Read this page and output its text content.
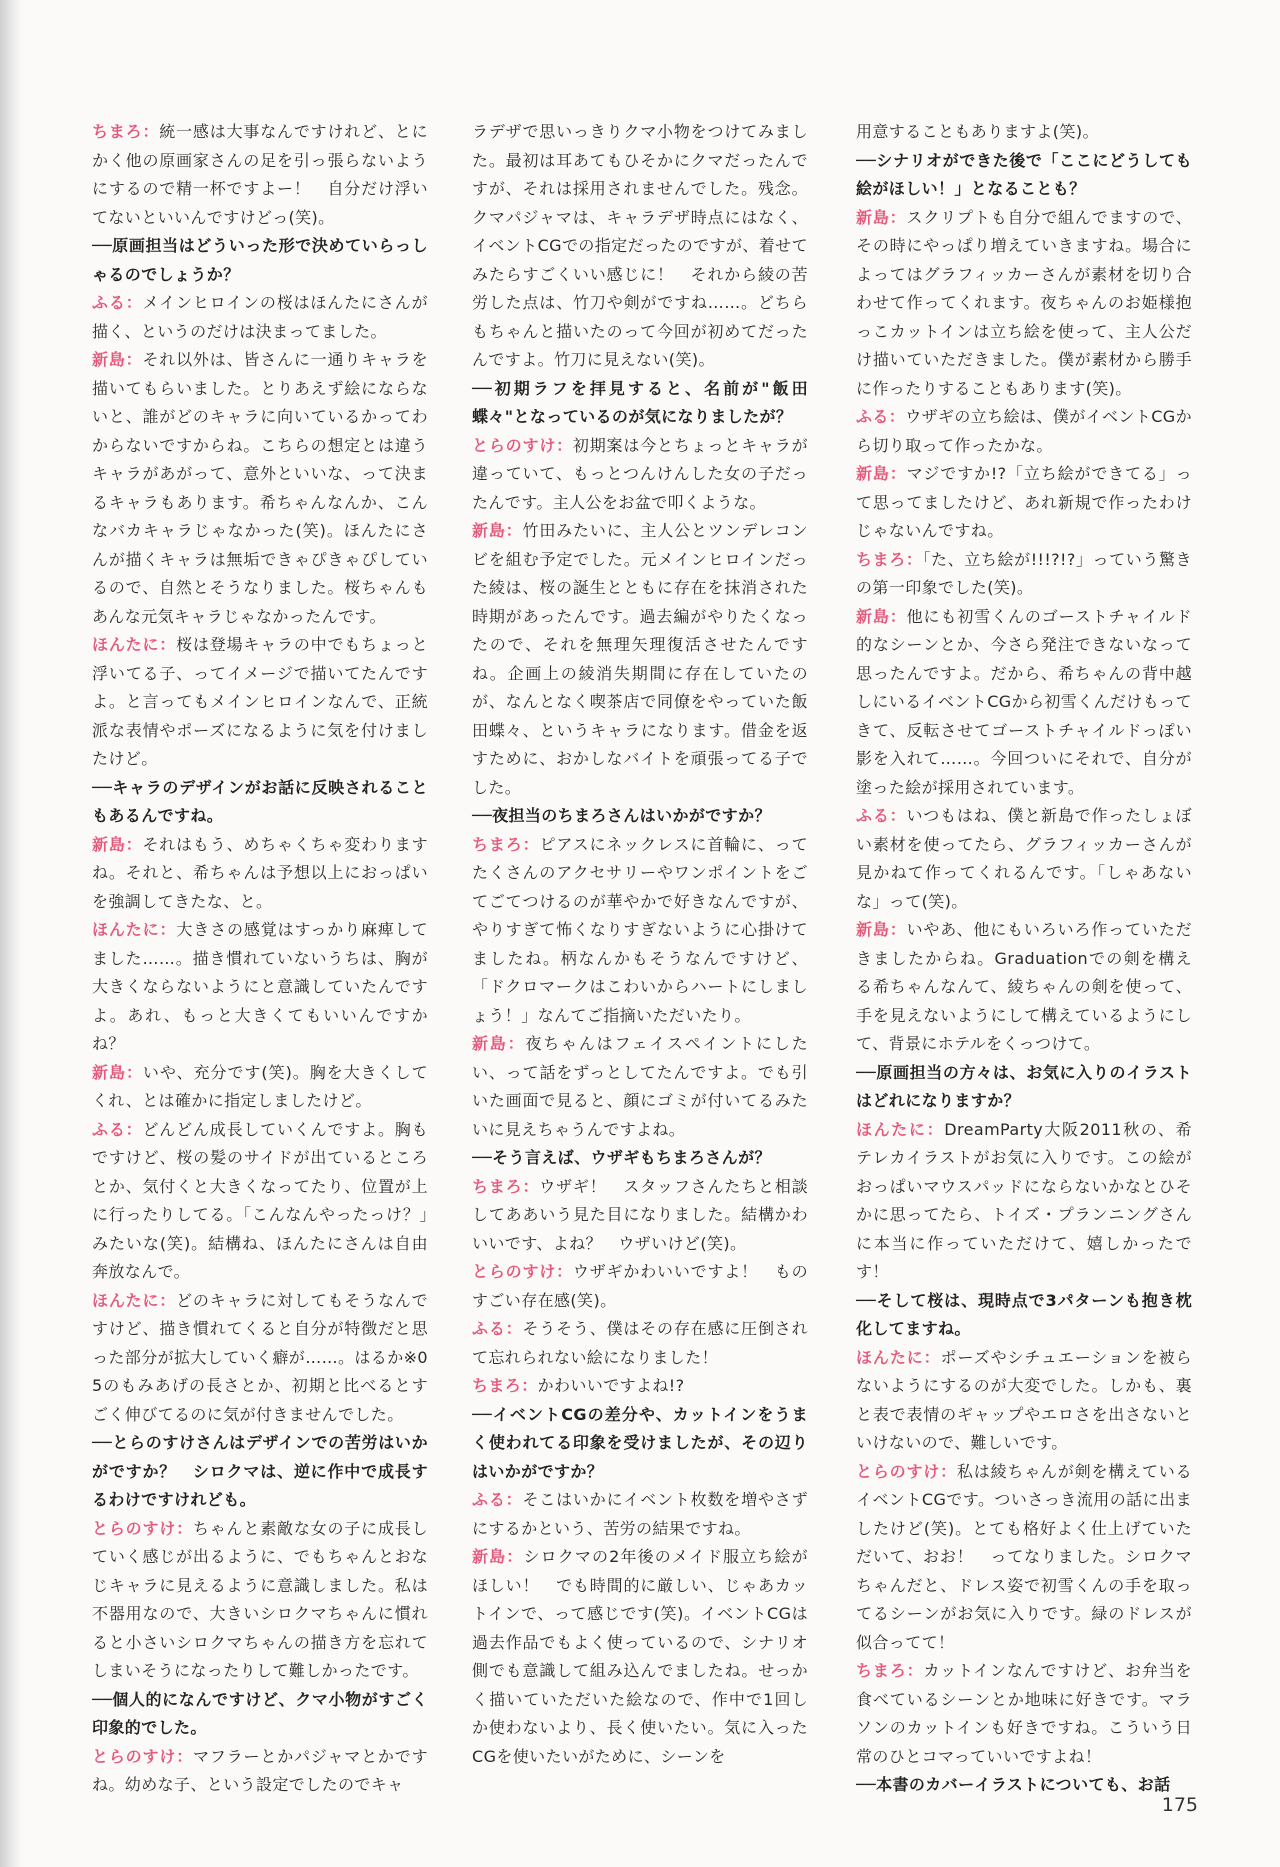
ちまろ：統一感は大事なんですけれど、とにかく他の原画家さんの足を引っ張らないようにするので精一杯ですよー！　自分だけ浮いてないといいんですけどっ(笑)。

──原画担当はどういった形で決めていらっしゃるのでしょうか？

ふる：メインヒロインの桜はほんたにさんが描く、というのだけは決まってました。

新島：それ以外は、皆さんに一通りキャラを描いてもらいました。とりあえず絵にならないと、誰がどのキャラに向いているかってわからないですからね。こちらの想定とは違うキャラがあがって、意外といいな、って決まるキャラもあります。希ちゃんなんか、こんなバカキャラじゃなかった(笑)。ほんたにさんが描くキャラは無垢できゃぴきゃぴしているので、自然とそうなりました。桜ちゃんもあんな元気キャラじゃなかったんです。

ほんたに：桜は登場キャラの中でもちょっと浮いてる子、ってイメージで描いてたんですよ。と言ってもメインヒロインなんで、正統派な表情やポーズになるように気を付けましたけど。

──キャラのデザインがお話に反映されることもあるんですね。

新島：それはもう、めちゃくちゃ変わりますね。それと、希ちゃんは予想以上におっぱいを強調してきたな、と。

ほんたに：大きさの感覚はすっかり麻痺してました……。描き慣れていないうちは、胸が大きくならないようにと意識していたんですよ。あれ、もっと大きくてもいいんですかね？

新島：いや、充分です(笑)。胸を大きくしてくれ、とは確かに指定しましたけど。

ふる：どんどん成長していくんですよ。胸もですけど、桜の髪のサイドが出ているところとか、気付くと大きくなってたり、位置が上に行ったりしてる。「こんなんやったっけ？」みたいな(笑)。結構ね、ほんたにさんは自由奔放なんで。

ほんたに：どのキャラに対してもそうなんですけど、描き慣れてくると自分が特徴だと思った部分が拡大していく癖が……。はるか※05のもみあげの長さとか、初期と比べるとすごく伸びてるのに気が付きませんでした。

──とらのすけさんはデザインでの苦労はいかがですか？　シロクマは、逆に作中で成長するわけですけれども。

とらのすけ：ちゃんと素敵な女の子に成長していく感じが出るように、でもちゃんとおなじキャラに見えるように意識しました。私は不器用なので、大きいシロクマちゃんに慣れると小さいシロクマちゃんの描き方を忘れてしまいそうになったりして難しかったです。

──個人的になんですけど、クマ小物がすごく印象的でした。

とらのすけ：マフラーとかパジャマとかですね。幼めな子、という設定でしたのでキャ

ラデザで思いっきりクマ小物をつけてみました。最初は耳あてもひそかにクマだったんですが、それは採用されませんでした。残念。クマパジャマは、キャラデザ時点にはなく、イベントCGでの指定だったのですが、着せてみたらすごくいい感じに！　それから綾の苦労した点は、竹刀や剣がですね……。どちらもちゃんと描いたのって今回が初めてだったんですよ。竹刀に見えない(笑)。

──初期ラフを拝見すると、名前が"飯田蝶々"となっているのが気になりましたが？

とらのすけ：初期案は今とちょっとキャラが違っていて、もっとつんけんした女の子だったんです。主人公をお盆で叩くような。

新島：竹田みたいに、主人公とツンデレコンビを組む予定でした。元メインヒロインだった綾は、桜の誕生とともに存在を抹消された時期があったんです。過去編がやりたくなったので、それを無理矢理復活させたんですね。企画上の綾消失期間に存在していたのが、なんとなく喫茶店で同僚をやっていた飯田蝶々、というキャラになります。借金を返すために、おかしなバイトを頑張ってる子でした。

──夜担当のちまろさんはいかがですか？

ちまろ：ピアスにネックレスに首輪に、ってたくさんのアクセサリーやワンポイントをごてごてつけるのが華やかで好きなんですが、やりすぎて怖くなりすぎないように心掛けてましたね。柄なんかもそうなんですけど、「ドクロマークはこわいからハートにしましょう！」なんてご指摘いただいたり。

新島：夜ちゃんはフェイスペイントにしたい、って話をずっとしてたんですよ。でも引いた画面で見ると、顔にゴミが付いてるみたいに見えちゃうんですよね。

──そう言えば、ウザギもちまろさんが？

ちまろ：ウザギ！　スタッフさんたちと相談してああいう見た目になりました。結構かわいいです、よね？　ウザいけど(笑)。

とらのすけ：ウザギかわいいですよ！　ものすごい存在感(笑)。

ふる：そうそう、僕はその存在感に圧倒されて忘れられない絵になりました！

ちまろ：かわいいですよね!?

──イベントCGの差分や、カットインをうまく使われてる印象を受けましたが、その辺りはいかがですか？

ふる：そこはいかにイベント枚数を増やさずにするかという、苦労の結果ですね。

新島：シロクマの2年後のメイド服立ち絵がほしい！　でも時間的に厳しい、じゃあカットインで、って感じです(笑)。イベントCGは過去作品でもよく使っているので、シナリオ側でも意識して組み込んでましたね。せっかく描いていただいた絵なので、作中で1回しか使わないより、長く使いたい。気に入ったCGを使いたいがために、シーンを

用意することもありますよ(笑)。

──シナリオができた後で「ここにどうしても絵がほしい！」となることも？

新島：スクリプトも自分で組んでますので、その時にやっぱり増えていきますね。場合によってはグラフィッカーさんが素材を切り合わせて作ってくれます。夜ちゃんのお姫様抱っこカットインは立ち絵を使って、主人公だけ描いていただきました。僕が素材から勝手に作ったりすることもあります(笑)。

ふる：ウザギの立ち絵は、僕がイベントCGから切り取って作ったかな。

新島：マジですか!?「立ち絵ができてる」って思ってましたけど、あれ新規で作ったわけじゃないんですね。

ちまろ：「た、立ち絵が!!!?!?」っていう驚きの第一印象でした(笑)。

新島：他にも初雪くんのゴーストチャイルド的なシーンとか、今さら発注できないなって思ったんですよ。だから、希ちゃんの背中越しにいるイベントCGから初雪くんだけもってきて、反転させてゴーストチャイルドっぽい影を入れて……。今回ついにそれで、自分が塗った絵が採用されています。

ふる：いつもはね、僕と新島で作ったしょぼい素材を使ってたら、グラフィッカーさんが見かねて作ってくれるんです。「しゃあないな」って(笑)。

新島：いやあ、他にもいろいろ作っていただきましたからね。Graduationでの剣を構える希ちゃんなんて、綾ちゃんの剣を使って、手を見えないようにして構えているようにして、背景にホテルをくっつけて。

──原画担当の方々は、お気に入りのイラストはどれになりますか？

ほんたに：DreamParty大阪2011秋の、希テレカイラストがお気に入りです。この絵がおっぱいマウスパッドにならないかなとひそかに思ってたら、トイズ・プランニングさんに本当に作っていただけて、嬉しかったです！

──そして桜は、現時点で3パターンも抱き枕化してますね。

ほんたに：ポーズやシチュエーションを被らないようにするのが大変でした。しかも、裏と表で表情のギャップやエロさを出さないといけないので、難しいです。

とらのすけ：私は綾ちゃんが剣を構えているイベントCGです。ついさっき流用の話に出ましたけど(笑)。とても格好よく仕上げていただいて、おお！　ってなりました。シロクマちゃんだと、ドレス姿で初雪くんの手を取ってるシーンがお気に入りです。緑のドレスが似合ってて！

ちまろ：カットインなんですけど、お弁当を食べているシーンとか地味に好きです。マラソンのカットインも好きですね。こういう日常のひとコマっていいですよね！

──本書のカバーイラストについても、お話

175
